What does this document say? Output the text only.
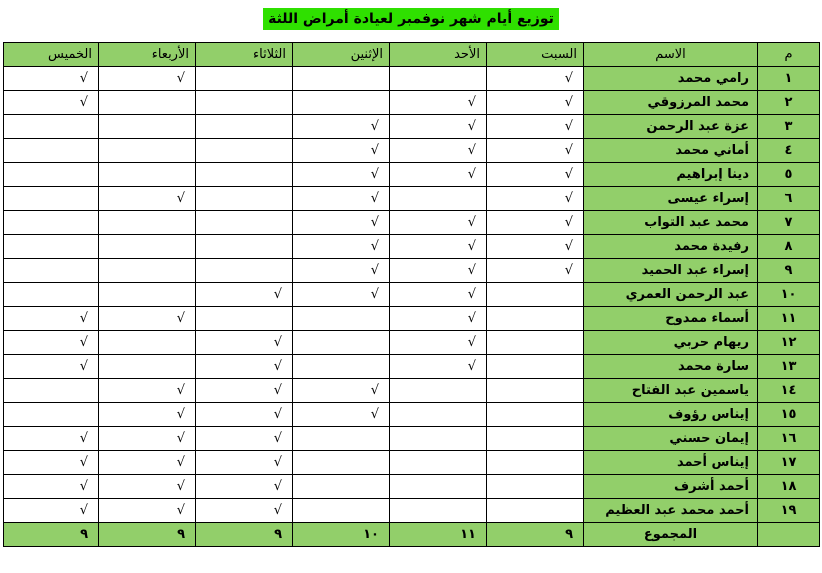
توزيع أيام شهر نوفمبر لعيادة أمراض اللثة
م	الاسم	السبت	الأحد	الإثنين	الثلاثاء	الأربعاء	الخميس
١	رامي محمد	√				√	√
٢	محمد المرزوقي	√	√				√
٣	عزة عبد الرحمن	√	√	√			
٤	أماني محمد	√	√	√			
٥	دينا إبراهيم	√	√	√			
٦	إسراء عيسى	√		√		√	
٧	محمد عبد التواب	√	√	√			
٨	رفيدة محمد	√	√	√			
٩	إسراء عبد الحميد	√	√	√			
١٠	عبد الرحمن العمري		√	√	√		
١١	أسماء ممدوح		√			√	√
١٢	ريهام حربي		√		√		√
١٣	سارة محمد		√		√		√
١٤	ياسمين عبد الفتاح			√	√	√	
١٥	إيناس رؤوف			√	√	√	
١٦	إيمان حسني				√	√	√
١٧	إيناس أحمد				√	√	√
١٨	أحمد أشرف				√	√	√
١٩	أحمد محمد عبد العظيم				√	√	√
	المجموع	٩	١١	١٠	٩	٩	٩
